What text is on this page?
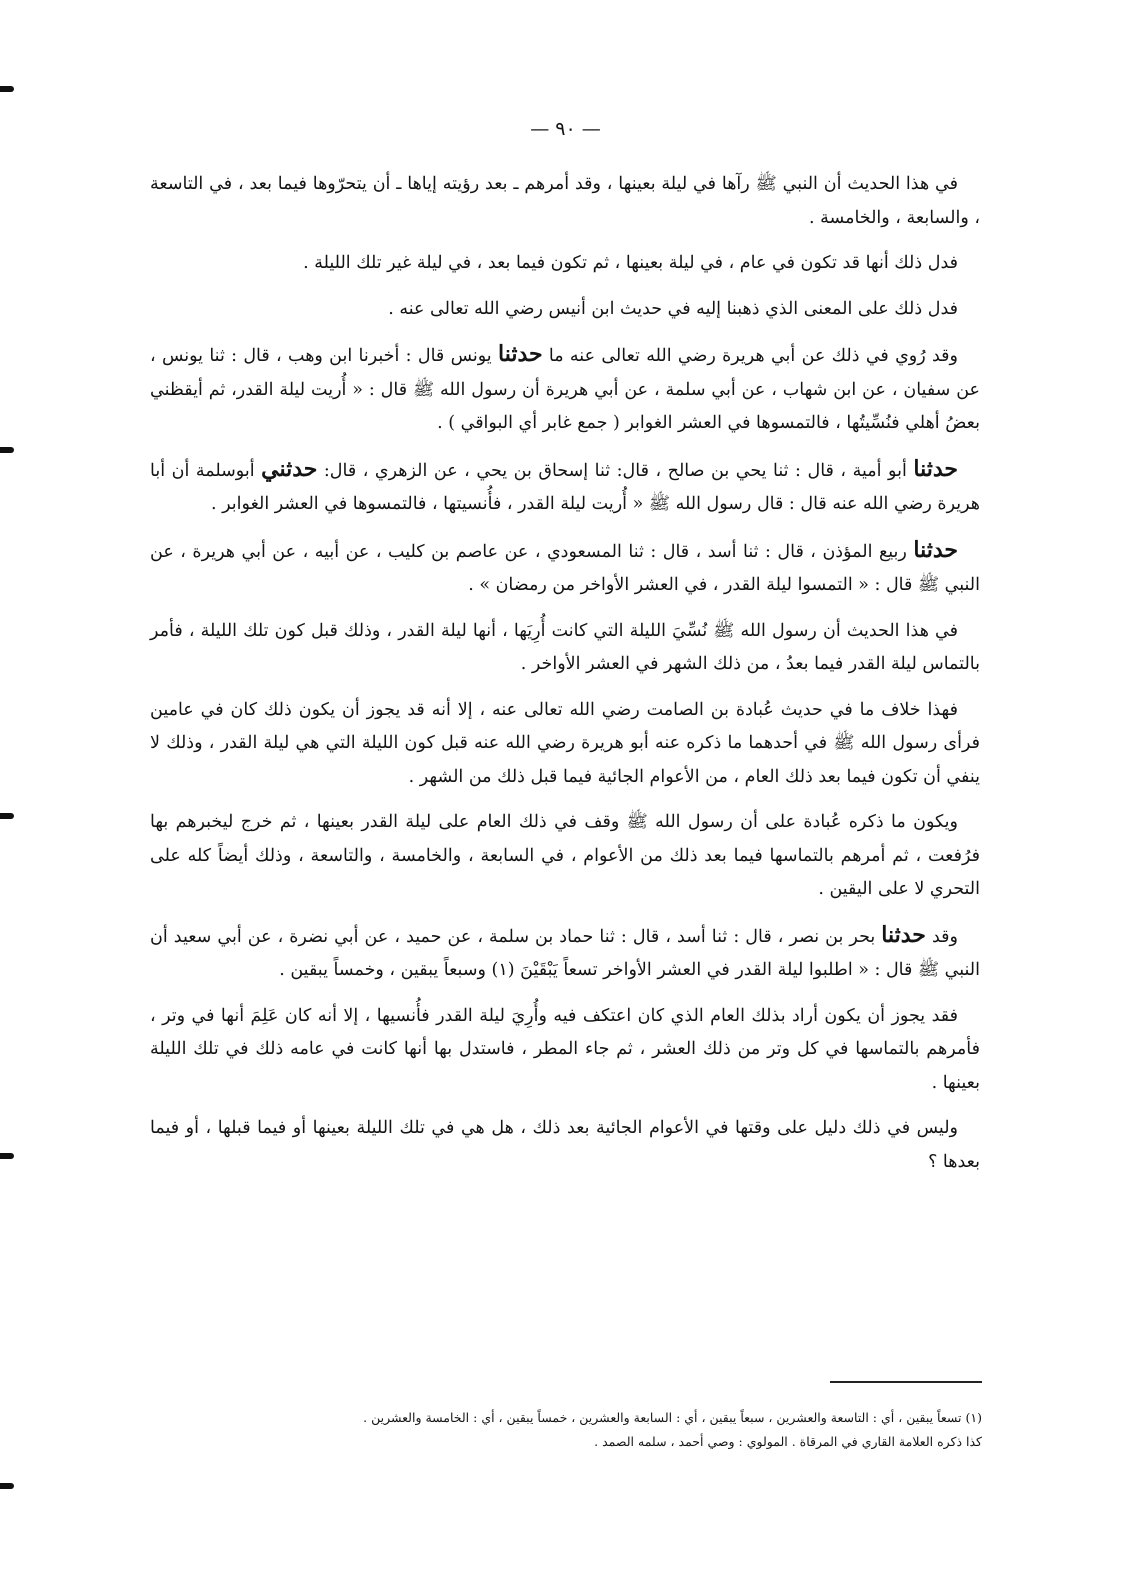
— ٩٠ —

في هذا الحديث أن النبي ﷺ رآها في ليلة بعينها ، وقد أمرهم ـ بعد رؤيته إياها ـ أن يتحرّوها فيما بعد ، في التاسعة ، والسابعة ، والخامسة .

فدل ذلك أنها قد تكون في عام ، في ليلة بعينها ، ثم تكون فيما بعد ، في ليلة غير تلك الليلة .

فدل ذلك على المعنى الذي ذهبنا إليه في حديث ابن أنيس رضي الله تعالى عنه .

وقد رُوي في ذلك عن أبي هريرة رضي الله تعالى عنه ما حدثنا يونس قال : أخبرنا ابن وهب ، قال : ثنا يونس ، عن سفيان ، عن ابن شهاب ، عن أبي سلمة ، عن أبي هريرة أن رسول الله ﷺ قال : « أُريت ليلة القدر، ثم أيقظني بعضُ أهلي فنُسِّيتُها ، فالتمسوها في العشر الغوابر ( جمع غابر أي البواقي ) .

حدثنا أبو أمية ، قال : ثنا يحي بن صالح ، قال: ثنا إسحاق بن يحي ، عن الزهري ، قال: حدثني أبوسلمة أن أبا هريرة رضي الله عنه قال : قال رسول الله ﷺ « أُريت ليلة القدر ، فأُنسيتها ، فالتمسوها في العشر الغوابر .

حدثنا ربيع المؤذن ، قال : ثنا أسد ، قال : ثنا المسعودي ، عن عاصم بن كليب ، عن أبيه ، عن أبي هريرة ، عن النبي ﷺ قال : « التمسوا ليلة القدر ، في العشر الأواخر من رمضان » .

في هذا الحديث أن رسول الله ﷺ نُسِّيَ الليلة التي كانت أُرِيَها ، أنها ليلة القدر ، وذلك قبل كون تلك الليلة ، فأمر بالتماس ليلة القدر فيما بعدُ ، من ذلك الشهر في العشر الأواخر .

فهذا خلاف ما في حديث عُبادة بن الصامت رضي الله تعالى عنه ، إلا أنه قد يجوز أن يكون ذلك كان في عامين فرأى رسول الله ﷺ في أحدهما ما ذكره عنه أبو هريرة رضي الله عنه قبل كون الليلة التي هي ليلة القدر ، وذلك لا ينفي أن تكون فيما بعد ذلك العام ، من الأعوام الجائية فيما قبل ذلك من الشهر .

ويكون ما ذكره عُبادة على أن رسول الله ﷺ وقف في ذلك العام على ليلة القدر بعينها ، ثم خرج ليخبرهم بها فرُفعت ، ثم أمرهم بالتماسها فيما بعد ذلك من الأعوام ، في السابعة ، والخامسة ، والتاسعة ، وذلك أيضاً كله على التحري لا على اليقين .

وقد حدثنا بحر بن نصر ، قال : ثنا أسد ، قال : ثنا حماد بن سلمة ، عن حميد ، عن أبي نضرة ، عن أبي سعيد أن النبي ﷺ قال : « اطلبوا ليلة القدر في العشر الأواخر تسعاً يَبْقَيْنَ (١) وسبعاً يبقين ، وخمساً يبقين .

فقد يجوز أن يكون أراد بذلك العام الذي كان اعتكف فيه وأُرِيَ ليلة القدر فأُنسيها ، إلا أنه كان عَلِمَ أنها في وتر ، فأمرهم بالتماسها في كل وتر من ذلك العشر ، ثم جاء المطر ، فاستدل بها أنها كانت في عامه ذلك في تلك الليلة بعينها .

وليس في ذلك دليل على وقتها في الأعوام الجائية بعد ذلك ، هل هي في تلك الليلة بعينها أو فيما قبلها ، أو فيما بعدها ؟

(١) تسعاً يبقين ، أي : التاسعة والعشرين ، سبعاً يبقين ، أي : السابعة والعشرين ، خمساً يبقين ، أي : الخامسة والعشرين .

كذا ذكره العلامة القاري في المرقاة . المولوي : وصي أحمد ، سلمه الصمد .
